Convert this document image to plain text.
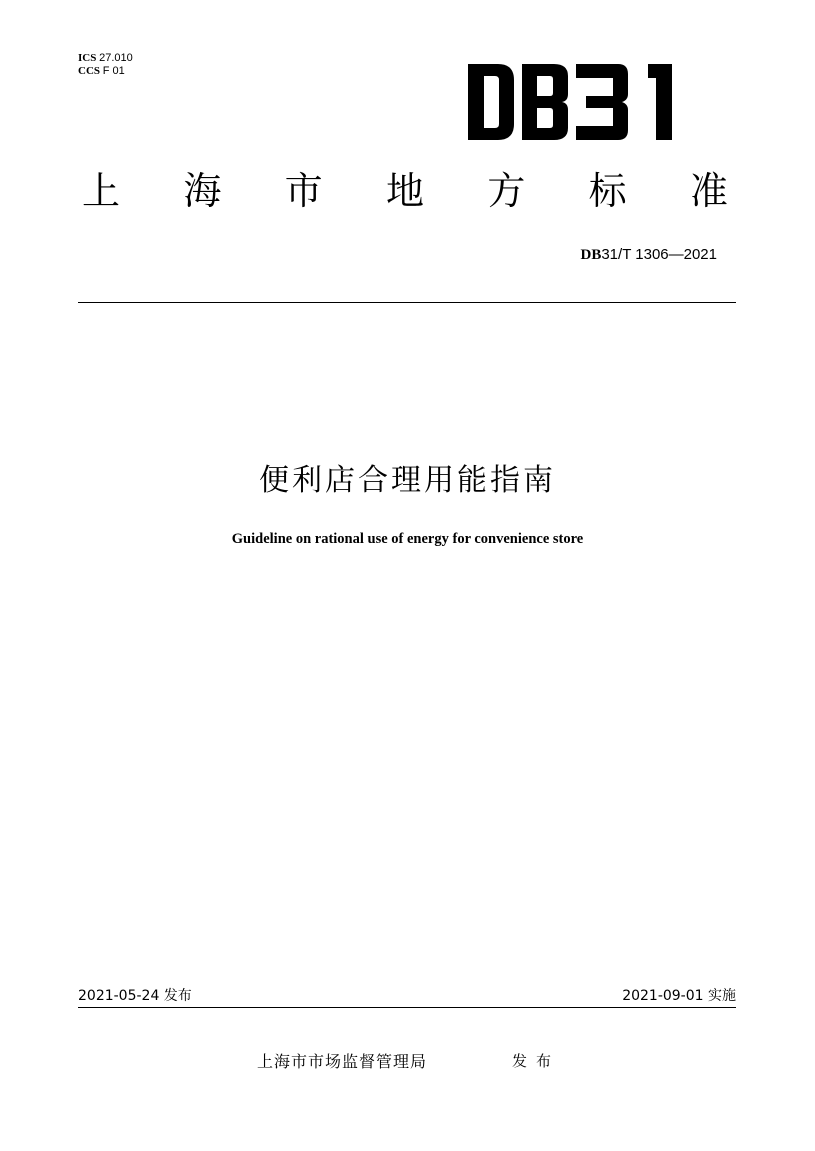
ICS 27.010
CCS F 01
上 海 市 地 方 标 准
DB31/T 1306—2021
便利店合理用能指南
Guideline on rational use of energy for convenience store
2021-05-24 发布	2021-09-01 实施
上海市市场监督管理局	发布
